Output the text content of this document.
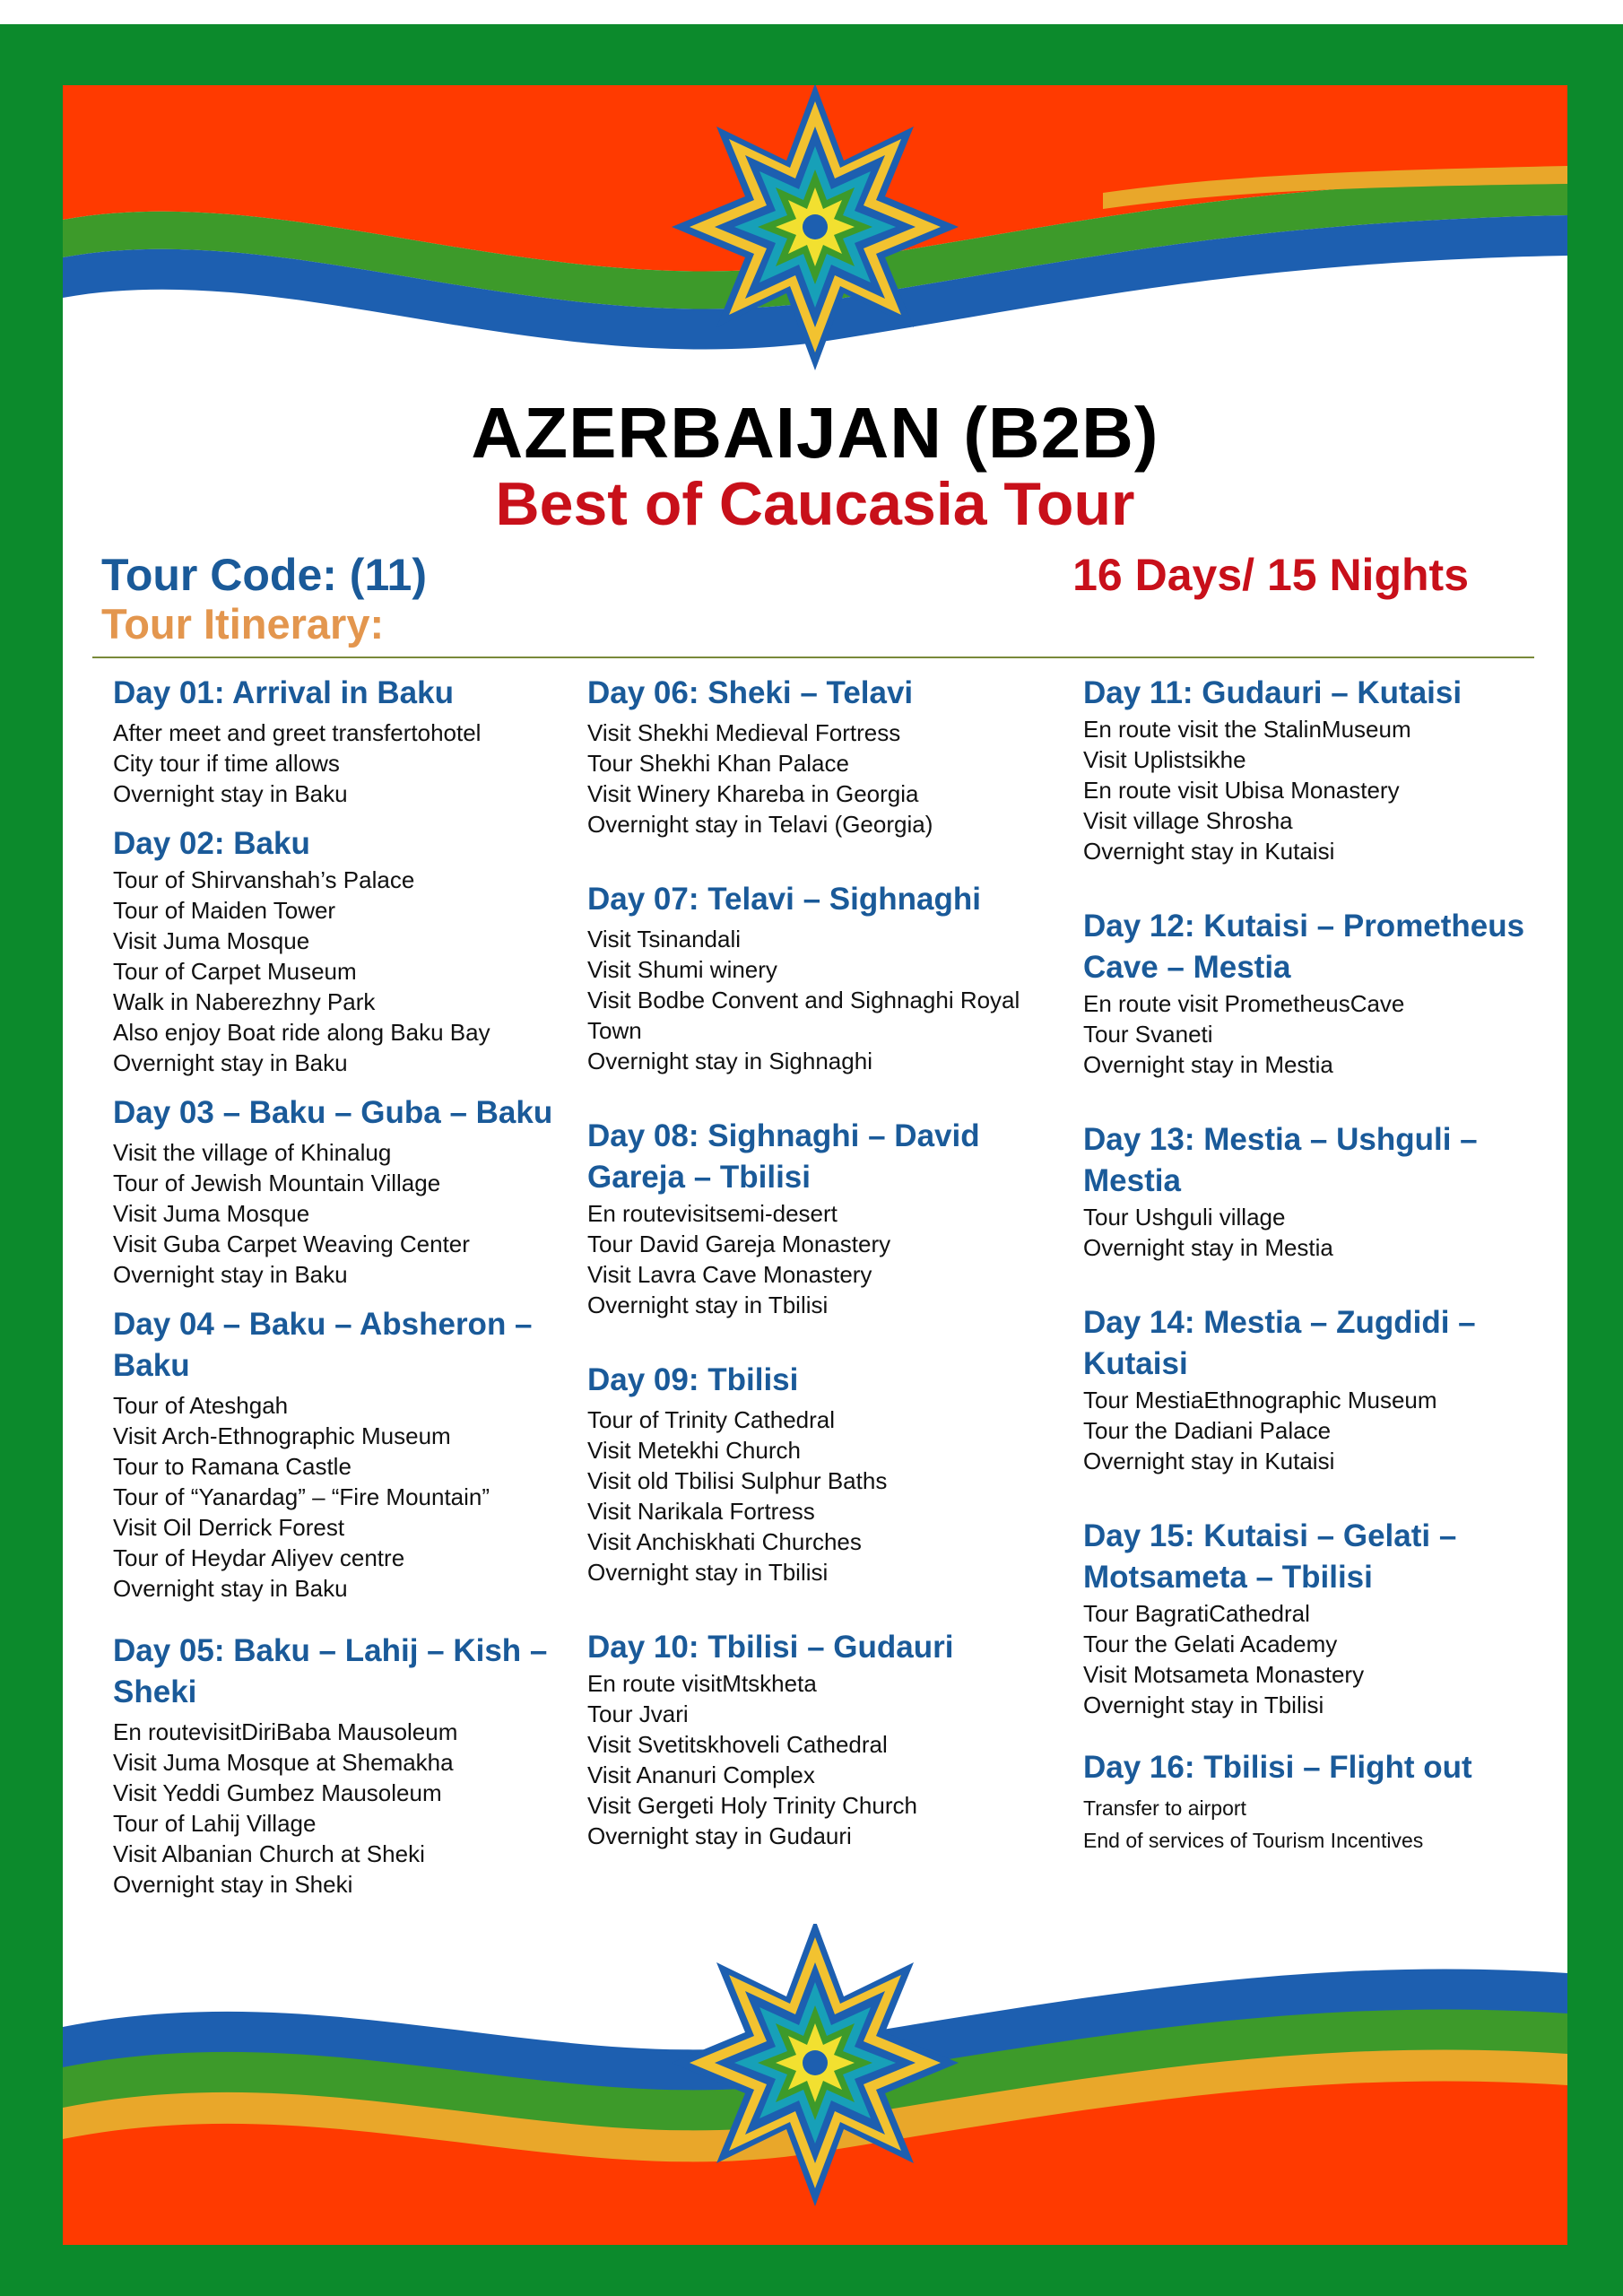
AZERBAIJAN (B2B)
Best of Caucasia Tour
Tour Code: (11)
Tour Itinerary:
16 Days/ 15 Nights
Day 01: Arrival in Baku
After meet and greet transfertohotel
City tour if time allows
Overnight stay in Baku
Day 02: Baku
Tour of Shirvanshah’s Palace
Tour of Maiden Tower
Visit Juma Mosque
Tour of Carpet Museum
Walk in Naberezhny Park
Also enjoy Boat ride along Baku Bay
Overnight stay in Baku
Day 03 – Baku – Guba – Baku
Visit the village of Khinalug
Tour of Jewish Mountain Village
Visit Juma Mosque
Visit Guba Carpet Weaving Center
Overnight stay in Baku
Day 04 – Baku – Absheron – Baku
Tour of Ateshgah
Visit Arch-Ethnographic Museum
Tour to Ramana Castle
Tour of “Yanardag” – “Fire Mountain”
Visit Oil Derrick Forest
Tour of Heydar Aliyev centre
Overnight stay in Baku
Day 05: Baku – Lahij – Kish – Sheki
En routevisitDiriBaba Mausoleum
Visit Juma Mosque at Shemakha
Visit Yeddi Gumbez Mausoleum
Tour of Lahij Village
Visit Albanian Church at Sheki
Overnight stay in Sheki
Day 06: Sheki – Telavi
Visit Shekhi Medieval Fortress
Tour Shekhi Khan Palace
Visit Winery Khareba in Georgia
Overnight stay in Telavi (Georgia)
Day 07: Telavi – Sighnaghi
Visit Tsinandali
Visit Shumi winery
Visit Bodbe Convent and Sighnaghi Royal Town
Overnight stay in Sighnaghi
Day 08: Sighnaghi – David Gareja – Tbilisi
En routevisitsemi-desert
Tour David Gareja Monastery
Visit Lavra Cave Monastery
Overnight stay in Tbilisi
Day 09: Tbilisi
Tour of Trinity Cathedral
Visit Metekhi Church
Visit old Tbilisi Sulphur Baths
Visit Narikala Fortress
Visit Anchiskhati Churches
Overnight stay in Tbilisi
Day 10: Tbilisi – Gudauri
En route visitMtskheta
Tour Jvari
Visit Svetitskhoveli Cathedral
Visit Ananuri Complex
Visit Gergeti Holy Trinity Church
Overnight stay in Gudauri
Day 11: Gudauri – Kutaisi
En route visit the StalinMuseum
Visit Uplistsikhe
En route visit Ubisa Monastery
Visit village Shrosha
Overnight stay in Kutaisi
Day 12: Kutaisi – Prometheus Cave – Mestia
En route visit PrometheusCave
Tour Svaneti
Overnight stay in Mestia
Day 13: Mestia – Ushguli – Mestia
Tour Ushguli village
Overnight stay in Mestia
Day 14: Mestia – Zugdidi – Kutaisi
Tour MestiaEthnographic Museum
Tour the Dadiani Palace
Overnight stay in Kutaisi
Day 15: Kutaisi – Gelati – Motsameta – Tbilisi
Tour BagratiCathedral
Tour the Gelati Academy
Visit Motsameta Monastery
Overnight stay in Tbilisi
Day 16: Tbilisi – Flight out
Transfer to airport
End of services of Tourism Incentives
